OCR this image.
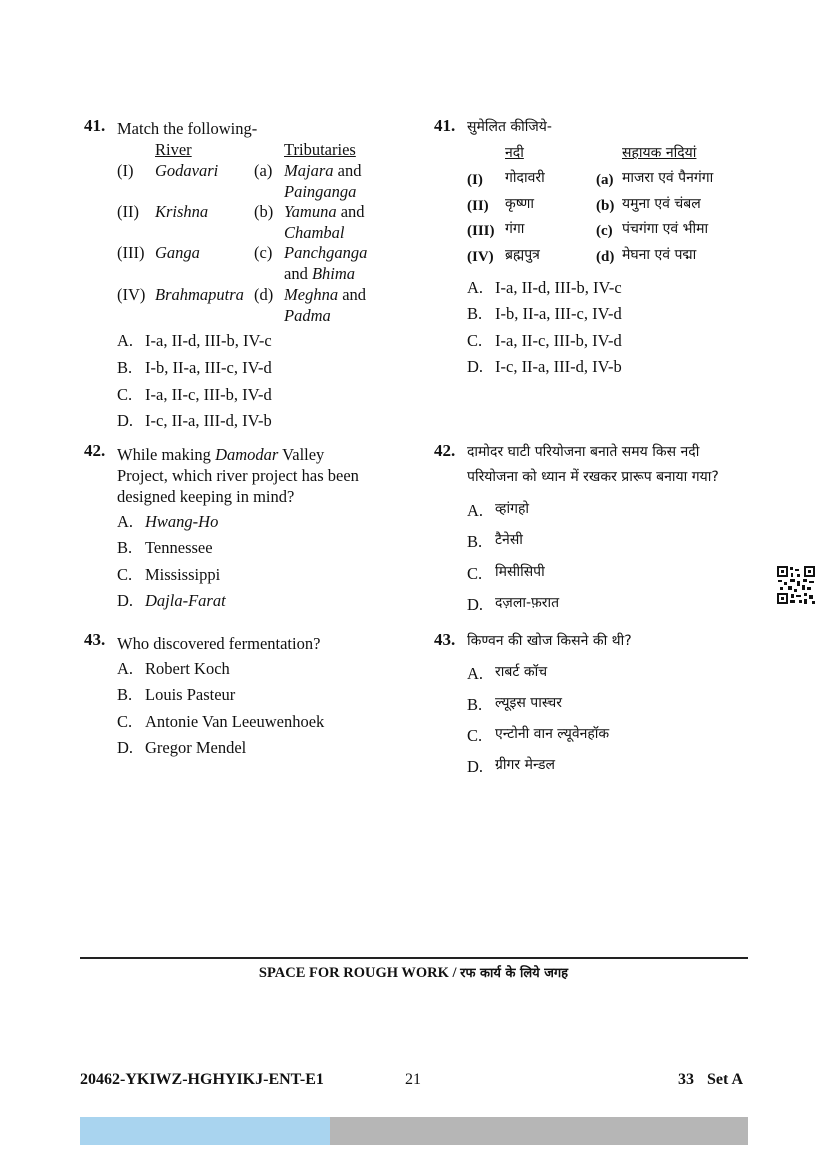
41. Match the following-
River	Tributaries
(I) Godavari (a) Majara and
Painganga
(II) Krishna	(b) Yamuna and
Chambal
(III) Ganga	(c) Panchganga
and Bhima
(IV) Brahmaputra (d) Meghna and
Padma
A. I-a, II-d, III-b, IV-c
B. I-b, II-a, III-c, IV-d
C. I-a, II-c, III-b, IV-d
D. I-c, II-a, III-d, IV-b
42. While making Damodar Valley
Project, which river project has been
designed keeping in mind?
A. Hwang-Ho
B. Tennessee
C. Mississippi
D. Dajla-Farat
43. Who discovered fermentation?
A. Robert Koch
B. Louis Pasteur
C. Antonie Van Leeuwenhoek
D. Gregor Mendel
41. सुमेलित कीजिये-
नदी	सहायक नदियां
(I) गोदावरी	(a) माजरा एवं पैनगंगा
(II) कृष्णा	(b) यमुना एवं चंबल
(III) गंगा	(c) पंचगंगा एवं भीमा
(IV) ब्रह्मपुत्र	(d) मेघना एवं पद्मा
A. I-a, II-d, III-b, IV-c
B. I-b, II-a, III-c, IV-d
C. I-a, II-c, III-b, IV-d
D. I-c, II-a, III-d, IV-b
42. दामोदर घाटी परियोजना बनाते समय किस नदी
परियोजना को ध्यान में रखकर प्रारूप बनाया गया?
A. व्हांगहो
B. टैनेसी
C. मिसीसिपी
D. दज़ला-फ़रात
43. किण्वन की खोज किसने की थी?
A. राबर्ट कॉच
B. ल्यूइस पास्चर
C. एन्टोनी वान ल्यूवेनहॉक
D. ग्रीगर मेन्डल
SPACE FOR ROUGH WORK / रफ कार्य के लिये जगह
20462-YKIWZ-HGHYIKJ-ENT-E1	21	33 Set A
